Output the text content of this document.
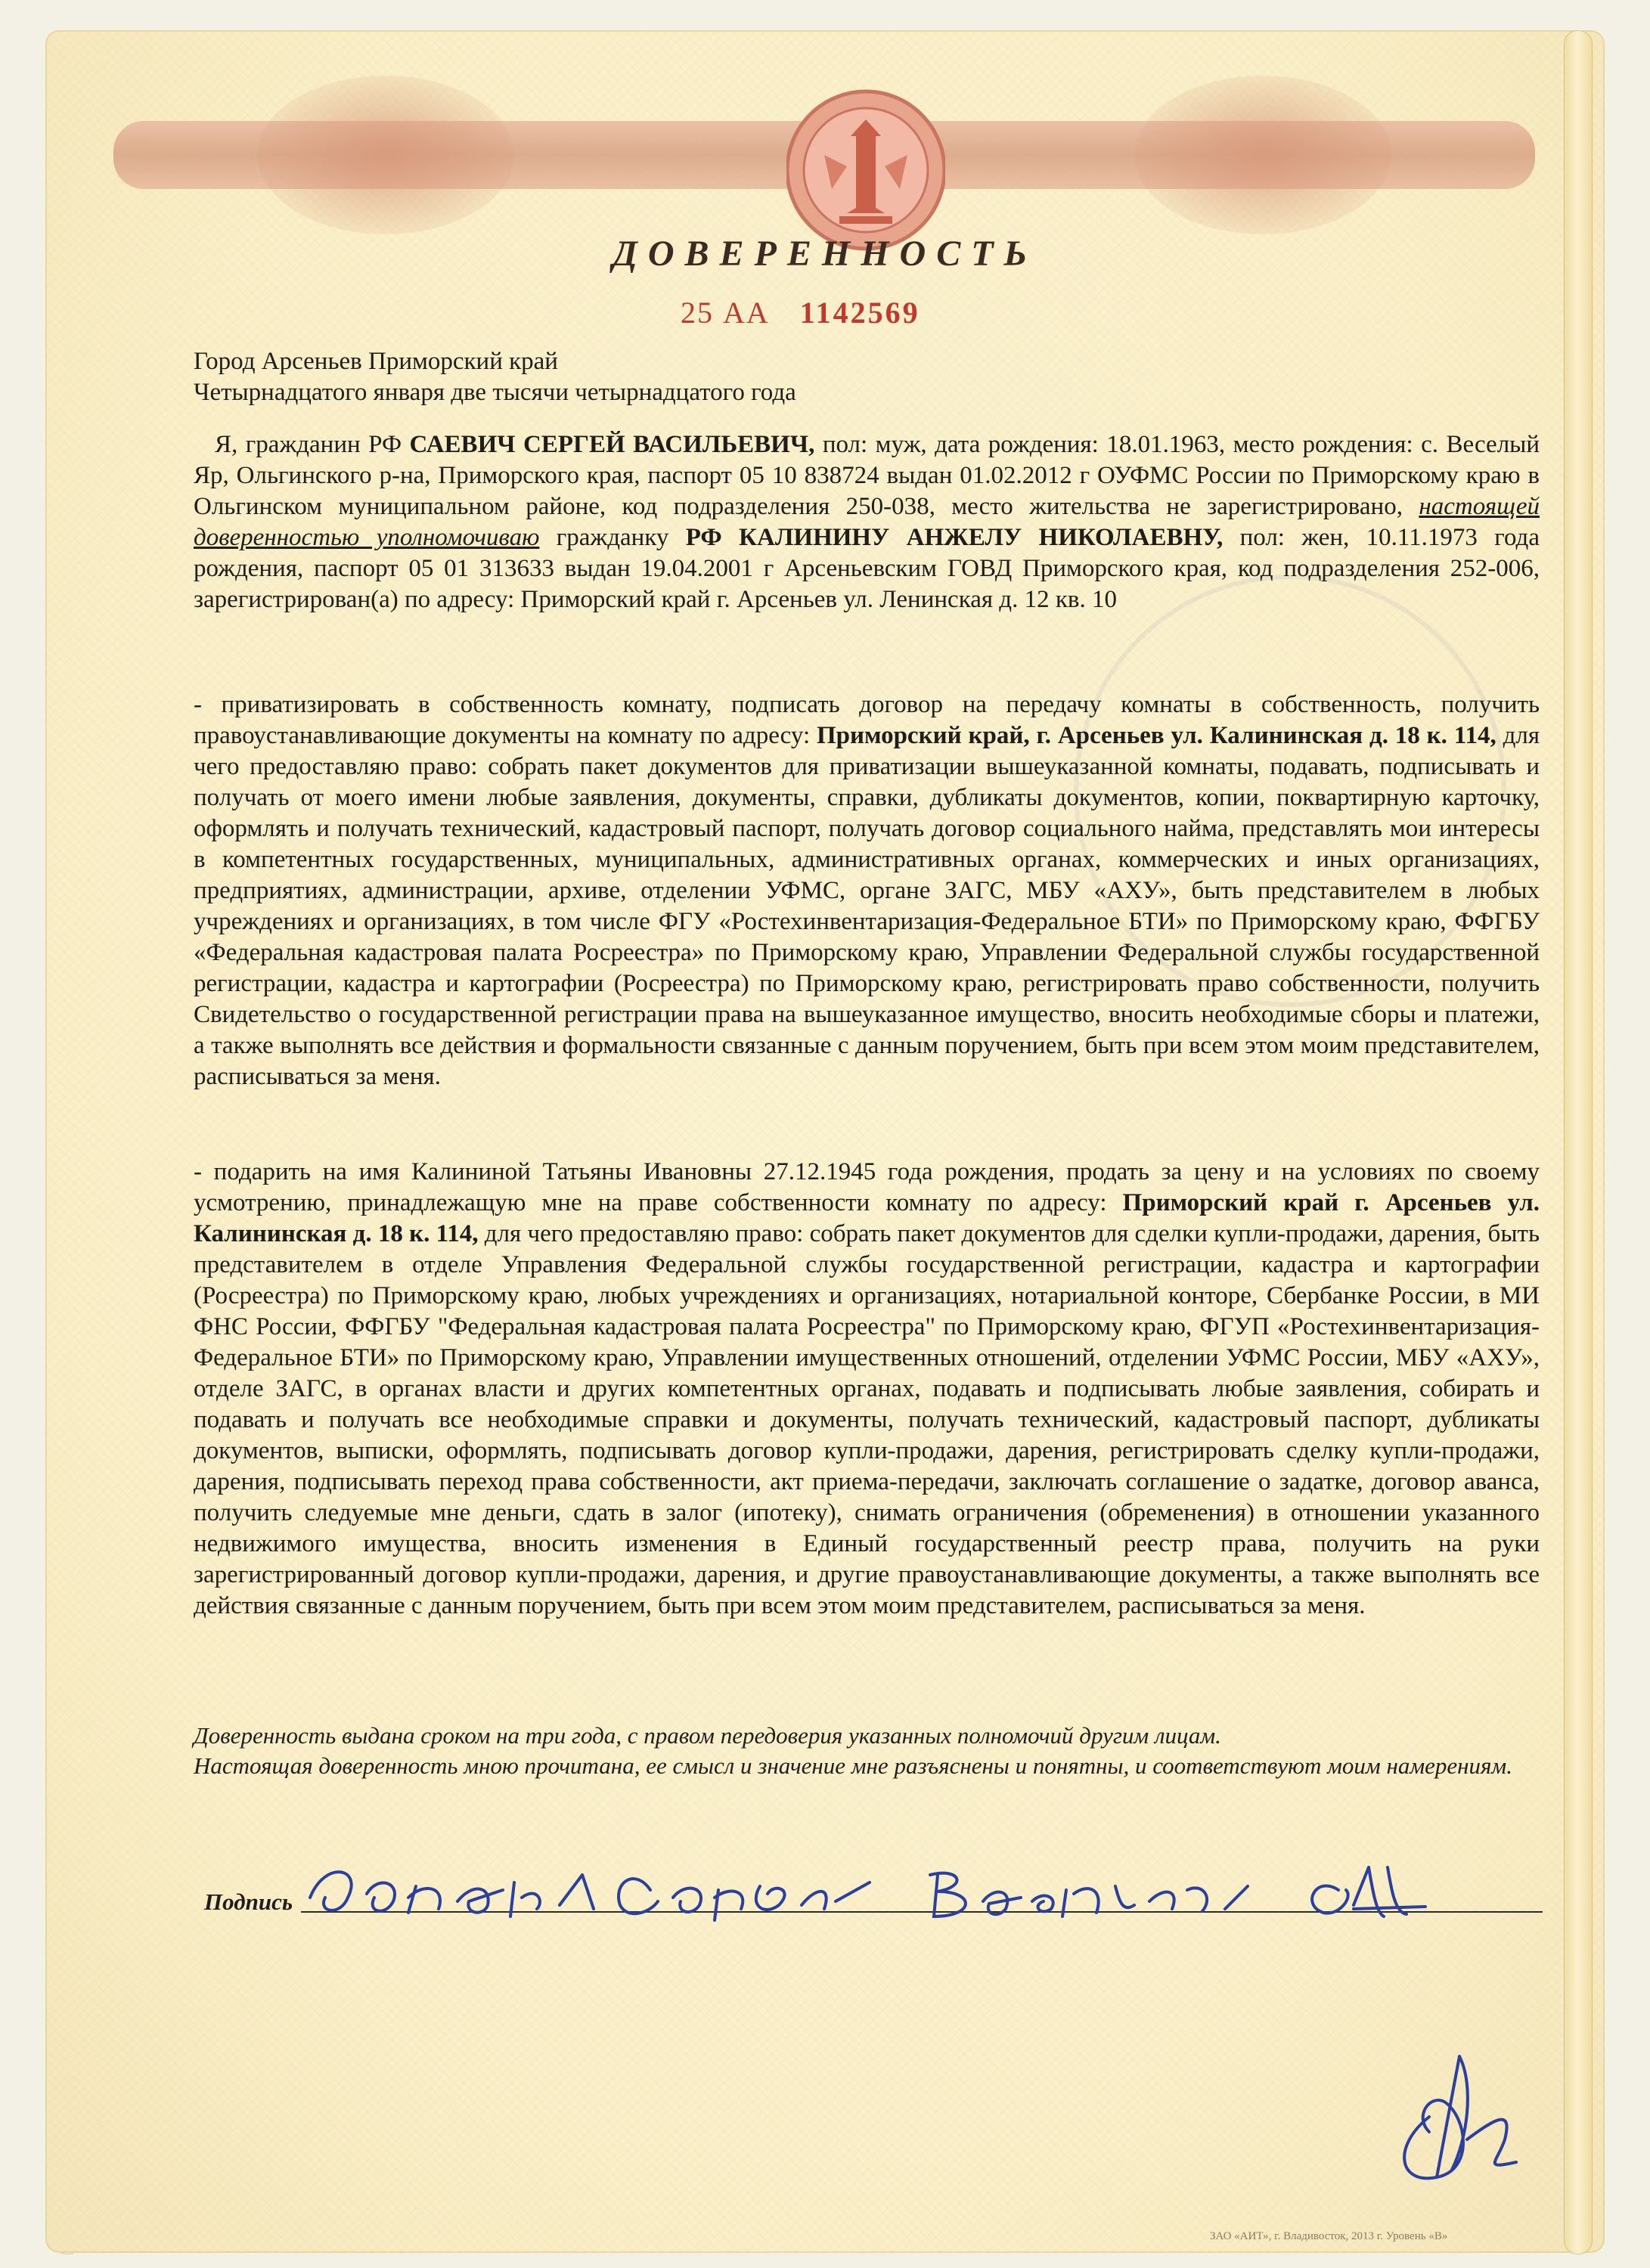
ДОВЕРЕННОСТЬ
25 АА 1142569

Город Арсеньев Приморский край

Четырнадцатого января две тысячи четырнадцатого года

Я, гражданин РФ САЕВИЧ СЕРГЕЙ ВАСИЛЬЕВИЧ, пол: муж, дата рождения: 18.01.1963, место рождения: с. Веселый Яр, Ольгинского р-на, Приморского края, паспорт 05 10 838724 выдан 01.02.2012 г ОУФМС России по Приморскому краю в Ольгинском муниципальном районе, код подразделения 250-038, место жительства не зарегистрировано, настоящей доверенностью уполномочиваю гражданку РФ КАЛИНИНУ АНЖЕЛУ НИКОЛАЕВНУ, пол: жен, 10.11.1973 года рождения, паспорт 05 01 313633 выдан 19.04.2001 г Арсеньевским ГОВД Приморского края, код подразделения 252-006, зарегистрирован(а) по адресу: Приморский край г. Арсеньев ул. Ленинская д. 12 кв. 10

- приватизировать в собственность комнату, подписать договор на передачу комнаты в собственность, получить правоустанавливающие документы на комнату по адресу: Приморский край, г. Арсеньев ул. Калининская д. 18 к. 114, для чего предоставляю право: собрать пакет документов для приватизации вышеуказанной комнаты, подавать, подписывать и получать от моего имени любые заявления, документы, справки, дубликаты документов, копии, поквартирную карточку, оформлять и получать технический, кадастровый паспорт, получать договор социального найма, представлять мои интересы в компетентных государственных, муниципальных, административных органах, коммерческих и иных организациях, предприятиях, администрации, архиве, отделении УФМС, органе ЗАГС, МБУ «АХУ», быть представителем в любых учреждениях и организациях, в том числе ФГУ «Ростехинвентаризация-Федеральное БТИ» по Приморскому краю, ФФГБУ «Федеральная кадастровая палата Росреестра» по Приморскому краю, Управлении Федеральной службы государственной регистрации, кадастра и картографии (Росреестра) по Приморскому краю, регистрировать право собственности, получить Свидетельство о государственной регистрации права на вышеуказанное имущество, вносить необходимые сборы и платежи, а также выполнять все действия и формальности связанные с данным поручением, быть при всем этом моим представителем, расписываться за меня.

- подарить на имя Калининой Татьяны Ивановны 27.12.1945 года рождения, продать за цену и на условиях по своему усмотрению, принадлежащую мне на праве собственности комнату по адресу: Приморский край г. Арсеньев ул. Калининская д. 18 к. 114, для чего предоставляю право: собрать пакет документов для сделки купли-продажи, дарения, быть представителем в отделе Управления Федеральной службы государственной регистрации, кадастра и картографии (Росреестра) по Приморскому краю, любых учреждениях и организациях, нотариальной конторе, Сбербанке России, в МИ ФНС России, ФФГБУ "Федеральная кадастровая палата Росреестра" по Приморскому краю, ФГУП «Ростехинвентаризация-Федеральное БТИ» по Приморскому краю, Управлении имущественных отношений, отделении УФМС России, МБУ «АХУ», отделе ЗАГС, в органах власти и других компетентных органах, подавать и подписывать любые заявления, собирать и подавать и получать все необходимые справки и документы, получать технический, кадастровый паспорт, дубликаты документов, выписки, оформлять, подписывать договор купли-продажи, дарения, регистрировать сделку купли-продажи, дарения, подписывать переход права собственности, акт приема-передачи, заключать соглашение о задатке, договор аванса, получить следуемые мне деньги, сдать в залог (ипотеку), снимать ограничения (обременения) в отношении указанного недвижимого имущества, вносить изменения в Единый государственный реестр права, получить на руки зарегистрированный договор купли-продажи, дарения, и другие правоустанавливающие документы, а также выполнять все действия связанные с данным поручением, быть при всем этом моим представителем, расписываться за меня.

Доверенность выдана сроком на три года, с правом передоверия указанных полномочий другим лицам.

Настоящая доверенность мною прочитана, ее смысл и значение мне разъяснены и понятны, и соответствуют моим намерениям.

Подпись
ЗАО «АИТ», г. Владивосток, 2013 г. Уровень «В»
